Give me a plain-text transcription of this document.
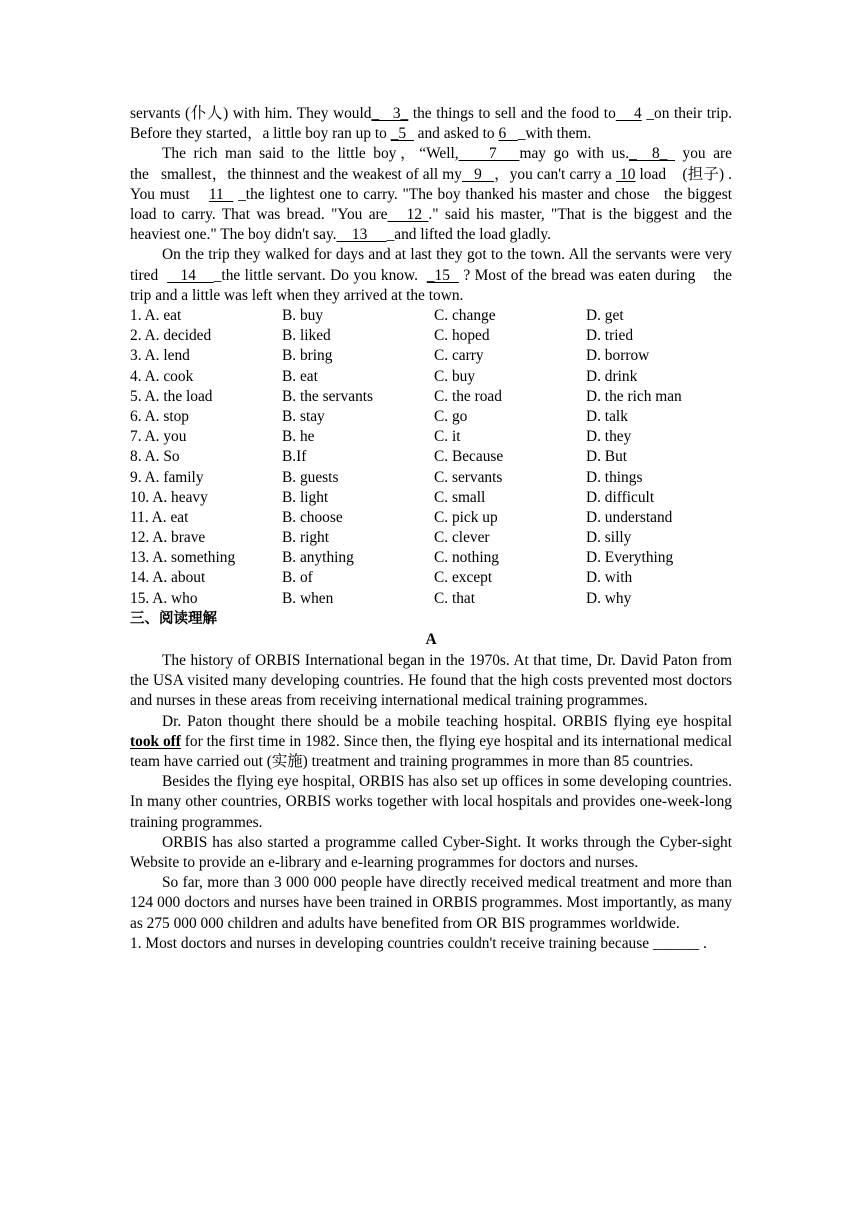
servants (仆人) with him. They would_   3_ the things to sell and the food to    4 _on their trip. Before they started，a little boy ran up to _5   and asked to 6   _with them.

The rich man said to the little boy，“Well,    7   may go with us._  8_  you are the   smallest，the thinnest and the weakest of all my   9   ，you can't carry a  10 load    (担子) . You must    11   _the lightest one to carry. "The boy thanked his master and chose   the biggest load to carry. That was bread. "You are   12 ." said his master, "That is the biggest and the heaviest one." The boy didn't say.    13     _and lifted the load gladly.

On the trip they walked for days and at last they got to the town. All the servants were very tired     14    _the little servant. Do you know.  _15   ? Most of the bread was eaten during    the trip and a little was left when they arrived at the town.

1. A. eat	B. buy	C. change	D. get
2. A. decided	B. liked	C. hoped	D. tried
3. A. lend	B. bring	C. carry	D. borrow
4. A. cook	B. eat	C. buy	D. drink
5. A. the load	B. the servants	C. the road	D. the rich man
6. A. stop	B. stay	C. go	D. talk
7. A. you	B. he	C. it	D. they
8. A. So	B.If	C. Because	D. But
9. A. family	B. guests	C. servants	D. things
10. A. heavy	B. light	C. small	D. difficult
11. A. eat	B. choose	C. pick up	D. understand
12. A. brave	B. right	C. clever	D. silly
13. A. something	B. anything	C. nothing	D. Everything
14. A. about	B. of	C. except	D. with
15. A. who	B. when	C. that	D. why

三、阅读理解

A

The history of ORBIS International began in the 1970s. At that time, Dr. David Paton from the USA visited many developing countries. He found that the high costs prevented most doctors and nurses in these areas from receiving international medical training programmes.

Dr. Paton thought there should be a mobile teaching hospital. ORBIS flying eye hospital took off for the first time in 1982. Since then, the flying eye hospital and its international medical team have carried out (实施) treatment and training programmes in more than 85 countries.

Besides the flying eye hospital, ORBIS has also set up offices in some developing countries. In many other countries, ORBIS works together with local hospitals and provides one-week-long training programmes.

ORBIS has also started a programme called Cyber-Sight. It works through the Cyber-sight Website to provide an e-library and e-learning programmes for doctors and nurses.

So far, more than 3 000 000 people have directly received medical treatment and more than 124 000 doctors and nurses have been trained in ORBIS programmes. Most importantly, as many as 275 000 000 children and adults have benefited from OR BIS programmes worldwide.

1. Most doctors and nurses in developing countries couldn't receive training because ______ .
